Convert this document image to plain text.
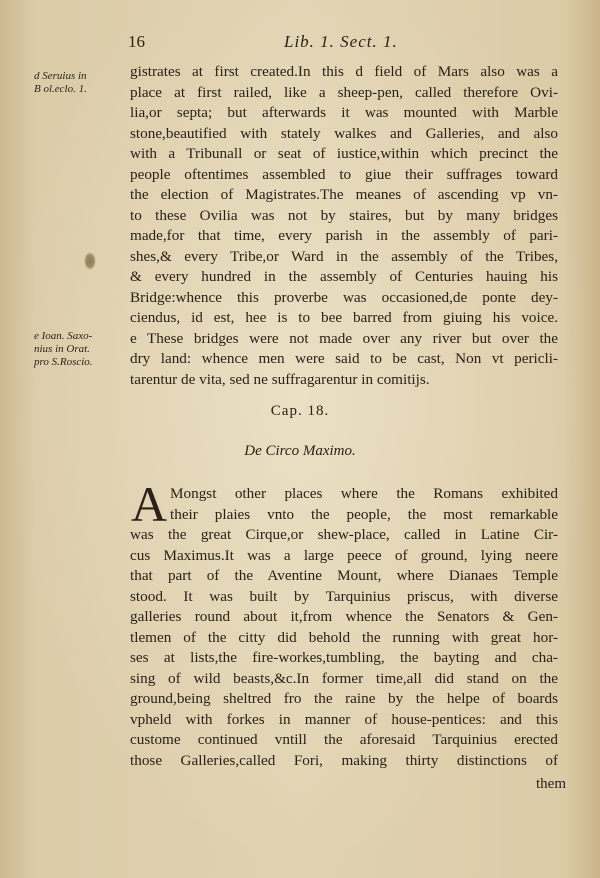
16	Lib. 1. Sect. 1.
d Seruius in
B ol.eclo. 1.
e Ioan. Saxo-
nius in Orat.
pro S.Roscio.
gistrates at first created.In this d field of Mars also was a
place at first railed, like a sheep-pen, called therefore Ovi-
lia,or septa; but afterwards it was mounted with Marble
stone,beautified with stately walkes and Galleries, and also
with a Tribunall or seat of iustice,within which precinct the
people oftentimes assembled to giue their suffrages toward
the election of Magistrates.The meanes of ascending vp vn-
to these Ovilia was not by staires, but by many bridges
made,for that time, every parish in the assembly of pari-
shes,& every Tribe,or Ward in the assembly of the Tribes,
& every hundred in the assembly of Centuries hauing his
Bridge:whence this proverbe was occasioned,de ponte dey-
ciendus, id est, hee is to bee barred from giuing his voice.
e These bridges were not made over any river but over the
dry land: whence men were said to be cast, Non vt pericli-
tarentur de vita, sed ne suffragarentur in comitijs.
Cap. 18.
De Circo Maximo.
A Mongst other places where the Romans exhibited
their plaies vnto the people, the most remarkable
was the great Cirque,or shew-place, called in Latine Cir-
cus Maximus.It was a large peece of ground, lying neere
that part of the Aventine Mount, where Dianaes Temple
stood. It was built by Tarquinius priscus, with diverse
galleries round about it,from whence the Senators & Gen-
tlemen of the citty did behold the running with great hor-
ses at lists,the fire-workes,tumbling, the bayting and cha-
sing of wild beasts,&c.In former time,all did stand on the
ground,being sheltred fro the raine by the helpe of boards
vpheld with forkes in manner of house-pentices: and this
custome continued vntill the aforesaid Tarquinius erected
those Galleries,called Fori, making thirty distinctions of
them
